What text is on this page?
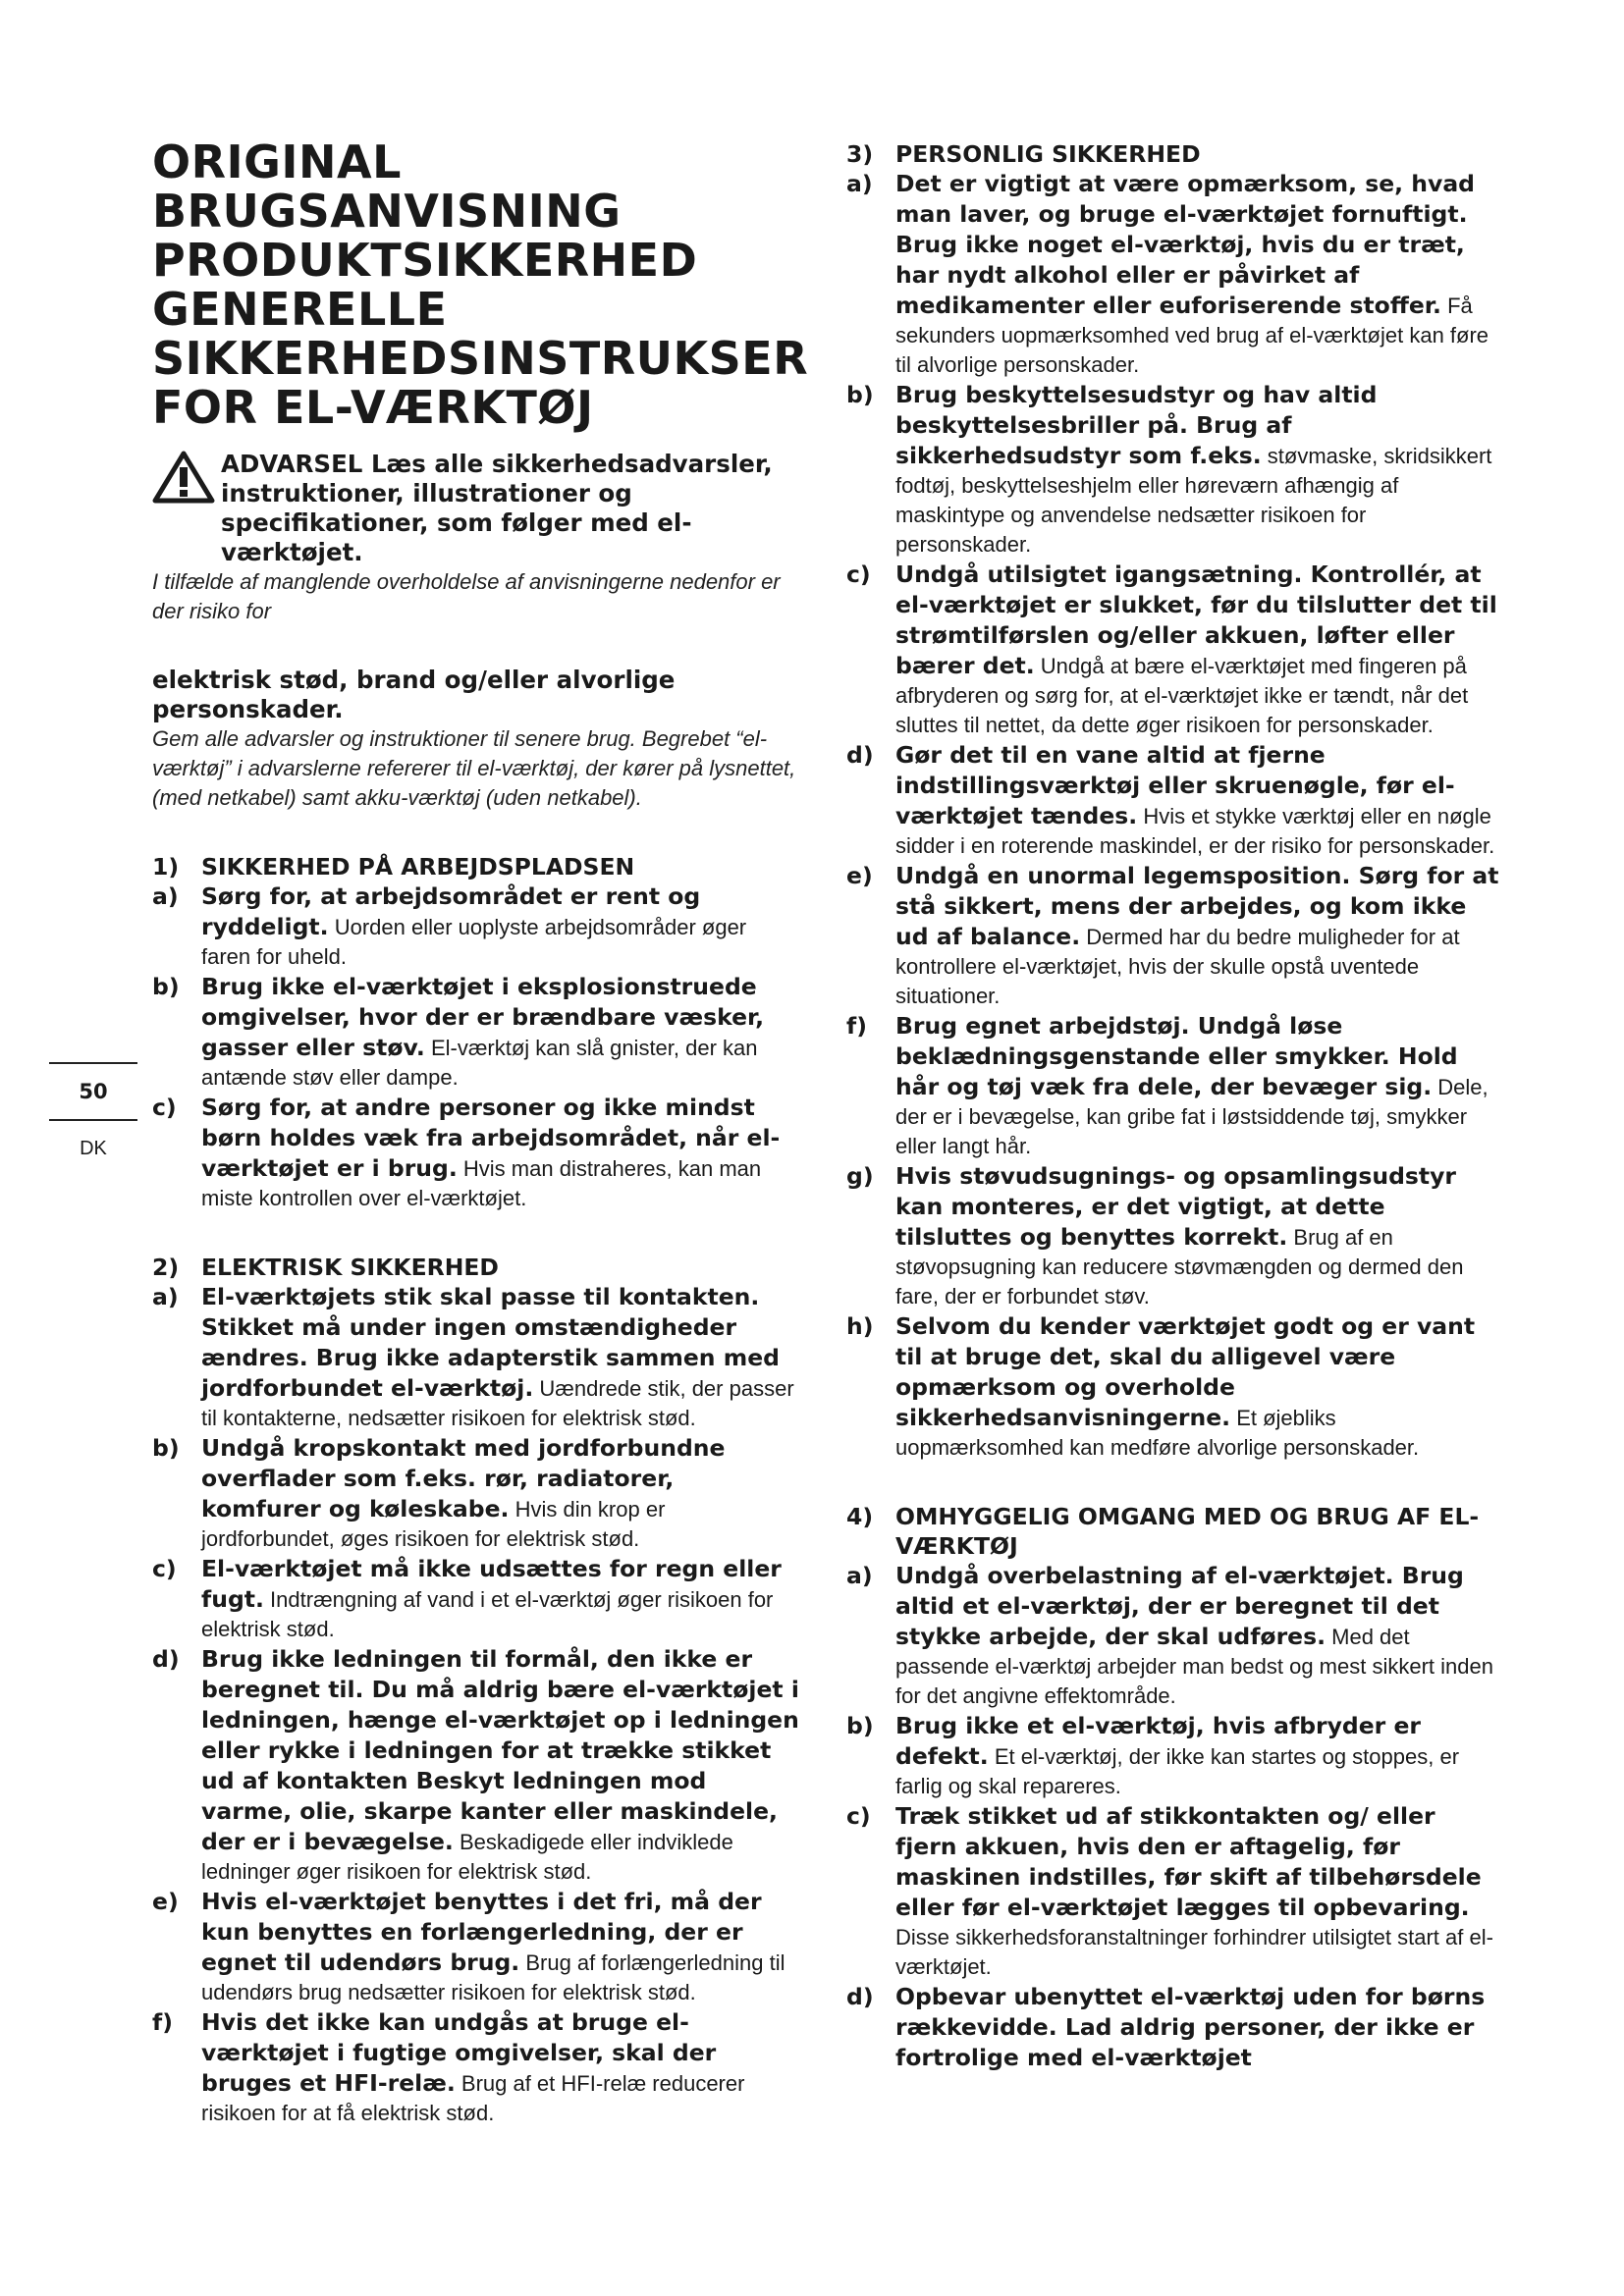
ORIGINAL
BRUGSANVISNING
PRODUKTSIKKERHED
GENERELLE
SIKKERHEDSINSTRUKSER
FOR EL-VÆRKTØJ
ADVARSEL Læs alle sikkerhedsadvarsler, instruktioner, illustrationer og specifikationer, som følger med el-værktøjet.
I tilfælde af manglende overholdelse af anvisningerne nedenfor er der risiko for
elektrisk stød, brand og/eller alvorlige personskader.
Gem alle advarsler og instruktioner til senere brug. Begrebet “el-værktøj” i advarslerne refererer til el-værktøj, der kører på lysnettet,(med netkabel) samt akku-værktøj (uden netkabel).
1) SIKKERHED PÅ ARBEJDSPLADSEN
a) Sørg for, at arbejdsområdet er rent og ryddeligt. Uorden eller uoplyste arbejdsområder øger faren for uheld.
b) Brug ikke el-værktøjet i eksplosionstruede omgivelser, hvor der er brændbare væsker, gasser eller støv. El-værktøj kan slå gnister, der kan antænde støv eller dampe.
c)	Sørg for, at andre personer og ikke mindst børn holdes væk fra arbejdsområdet, når el-værktøjet er i brug. Hvis man distraheres, kan man miste kontrollen over el-værktøjet.
2) ELEKTRISK SIKKERHED
a) El-værktøjets stik skal passe til kontakten. Stikket må under ingen omstændigheder ændres. Brug ikke adapterstik sammen med jordforbundet el-værktøj. Uændrede stik, der passer til kontakterne, nedsætter risikoen for elektrisk stød.
b) Undgå kropskontakt med jordforbundne overflader som f.eks. rør, radiatorer, komfurer og køleskabe. Hvis din krop er jordforbundet, øges risikoen for elektrisk stød.
c)	El-værktøjet må ikke udsættes for regn eller fugt. Indtrængning af vand i et el-værktøj øger risikoen for elektrisk stød.
d) Brug ikke ledningen til formål, den ikke er beregnet til. Du må aldrig bære el-værktøjet i ledningen, hænge el-værktøjet op i ledningen eller rykke i ledningen for at trække stikket ud af kontakten Beskyt ledningen mod varme, olie, skarpe kanter eller maskindele, der er i bevægelse. Beskadigede eller indviklede ledninger øger risikoen for elektrisk stød.
e) Hvis el-værktøjet benyttes i det fri, må der kun benyttes en forlængerledning, der er egnet til udendørs brug. Brug af forlængerledning til udendørs brug nedsætter risikoen for elektrisk stød.
f)	Hvis det ikke kan undgås at bruge el-værktøjet i fugtige omgivelser, skal der bruges et HFI-relæ. Brug af et HFI-relæ reducerer risikoen for at få elektrisk stød.
50
DK
3) PERSONLIG SIKKERHED
a) Det er vigtigt at være opmærksom, se, hvad man laver, og bruge el-værktøjet fornuftigt. Brug ikke noget el-værktøj, hvis du er træt, har nydt alkohol eller er påvirket af medikamenter eller euforiserende stoffer. Få sekunders uopmærksomhed ved brug af el-værktøjet kan føre til alvorlige personskader.
b) Brug beskyttelsesudstyr og hav altid beskyttelsesbriller på. Brug af sikkerhedsudstyr som f.eks. støvmaske, skridsikkert fodtøj, beskyttelseshjelm eller høreværn afhængig af maskintype og anvendelse nedsætter risikoen for personskader.
c)	Undgå utilsigtet igangsætning. Kontrollér, at el-værktøjet er slukket, før du tilslutter det til strømtilførslen og/eller akkuen, løfter eller bærer det. Undgå at bære el-værktøjet med fingeren på afbryderen og sørg for, at el-værktøjet ikke er tændt, når det sluttes til nettet, da dette øger risikoen for personskader.
d) Gør det til en vane altid at fjerne indstillingsværktøj eller skruenøgle, før el-værktøjet tændes. Hvis et stykke værktøj eller en nøgle sidder i en roterende maskindel, er der risiko for personskader.
e) Undgå en unormal legemsposition. Sørg for at stå sikkert, mens der arbejdes, og kom ikke ud af balance. Dermed har du bedre muligheder for at kontrollere el-værktøjet, hvis der skulle opstå uventede situationer.
f)	Brug egnet arbejdstøj. Undgå løse beklædningsgenstande eller smykker. Hold hår og tøj væk fra dele, der bevæger sig. Dele, der er i bevægelse, kan gribe fat i løstsiddende tøj, smykker eller langt hår.
g) Hvis støvudsugnings- og opsamlingsudstyr kan monteres, er det vigtigt, at dette tilsluttes og benyttes korrekt. Brug af en støvopsugning kan reducere støvmængden og dermed den fare, der er forbundet støv.
h) Selvom du kender værktøjet godt og er vant til at bruge det, skal du alligevel være opmærksom og overholde sikkerhedsanvisningerne. Et øjebliks uopmærksomhed kan medføre alvorlige personskader.
4) OMHYGGELIG OMGANG MED OG BRUG AF EL-VÆRKTØJ
a) Undgå overbelastning af el-værktøjet. Brug altid et el-værktøj, der er beregnet til det stykke arbejde, der skal udføres. Med det passende el-værktøj arbejder man bedst og mest sikkert inden for det angivne effektområde.
b) Brug ikke et el-værktøj, hvis afbryder er defekt. Et el-værktøj, der ikke kan startes og stoppes, er farlig og skal repareres.
c)	Træk stikket ud af stikkontakten og/ eller fjern akkuen, hvis den er aftagelig, før maskinen indstilles, før skift af tilbehørsdele eller før el-værktøjet lægges til opbevaring. Disse sikkerhedsforanstaltninger forhindrer utilsigtet start af el-værktøjet.
d) Opbevar ubenyttet el-værktøj uden for børns rækkevidde. Lad aldrig personer, der ikke er fortrolige med el-værktøjet
